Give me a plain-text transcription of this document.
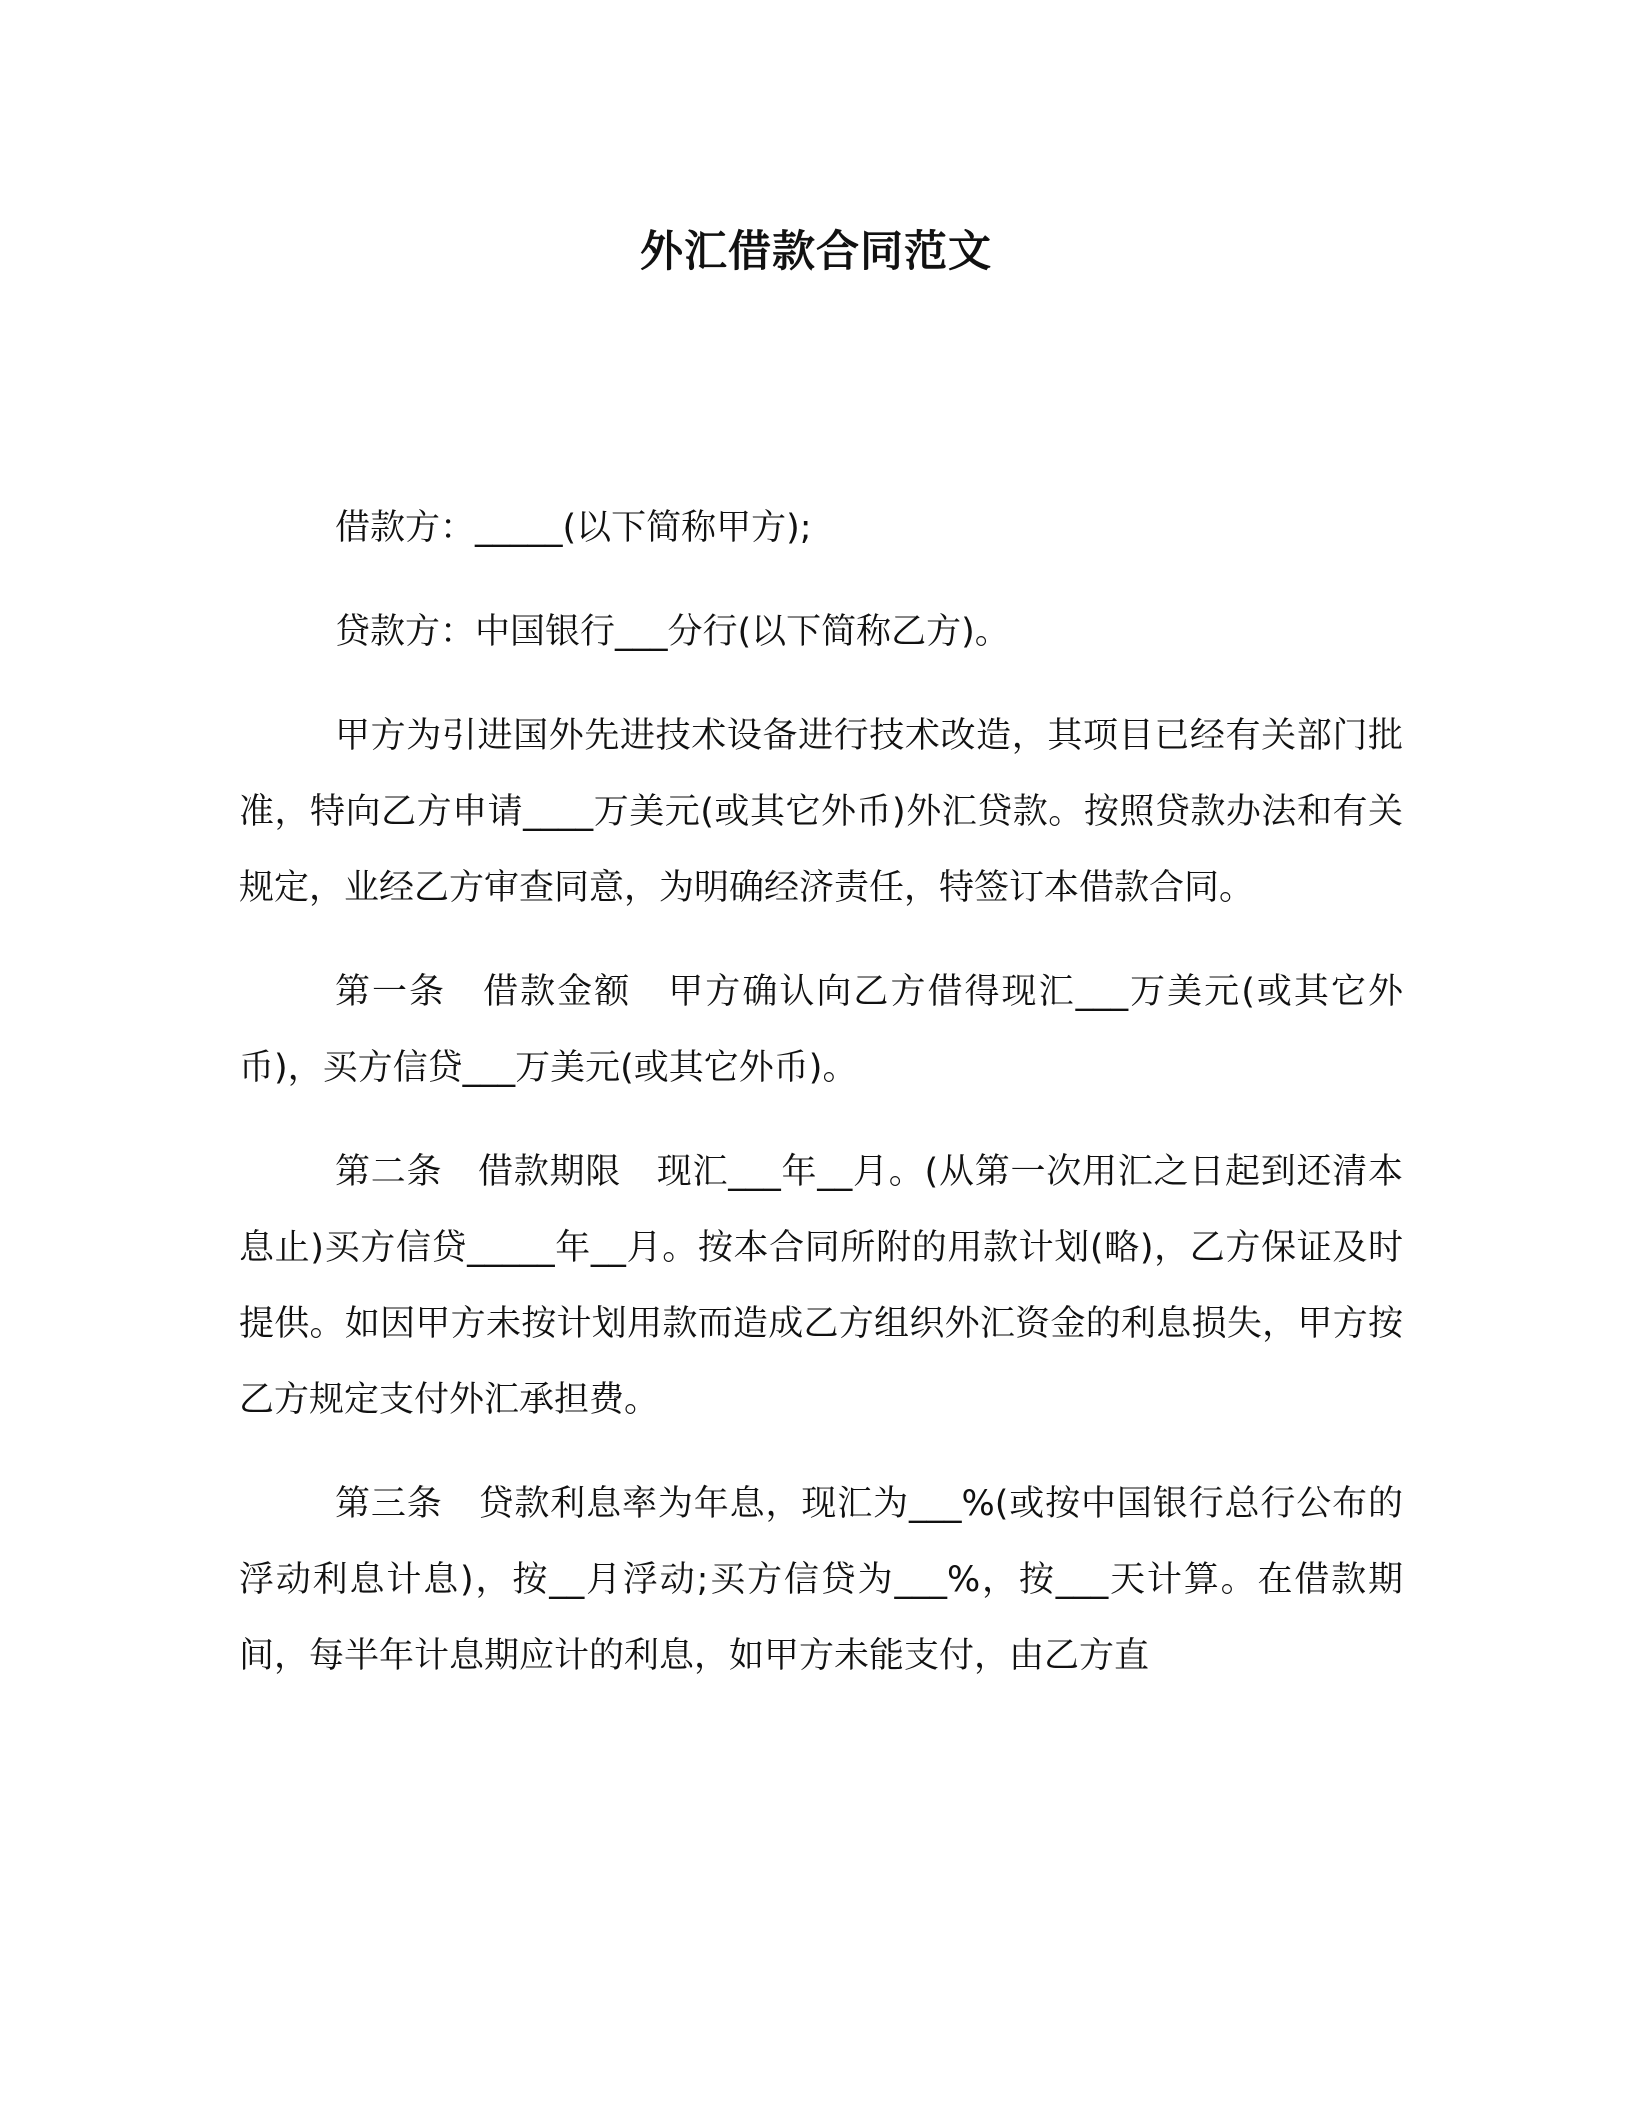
外汇借款合同范文

借款方：_____(以下简称甲方);

贷款方：中国银行___分行(以下简称乙方)。

甲方为引进国外先进技术设备进行技术改造，其项目已经有关部门批准，特向乙方申请____万美元(或其它外币)外汇贷款。按照贷款办法和有关规定，业经乙方审查同意，为明确经济责任，特签订本借款合同。

第一条　借款金额　甲方确认向乙方借得现汇___万美元(或其它外币)，买方信贷___万美元(或其它外币)。

第二条　借款期限　现汇___年__月。(从第一次用汇之日起到还清本息止)买方信贷_____年__月。按本合同所附的用款计划(略)，乙方保证及时提供。如因甲方未按计划用款而造成乙方组织外汇资金的利息损失，甲方按乙方规定支付外汇承担费。

第三条　贷款利息率为年息，现汇为___%(或按中国银行总行公布的浮动利息计息)，按__月浮动;买方信贷为___%，按___天计算。在借款期间，每半年计息期应计的利息，如甲方未能支付，由乙方直
